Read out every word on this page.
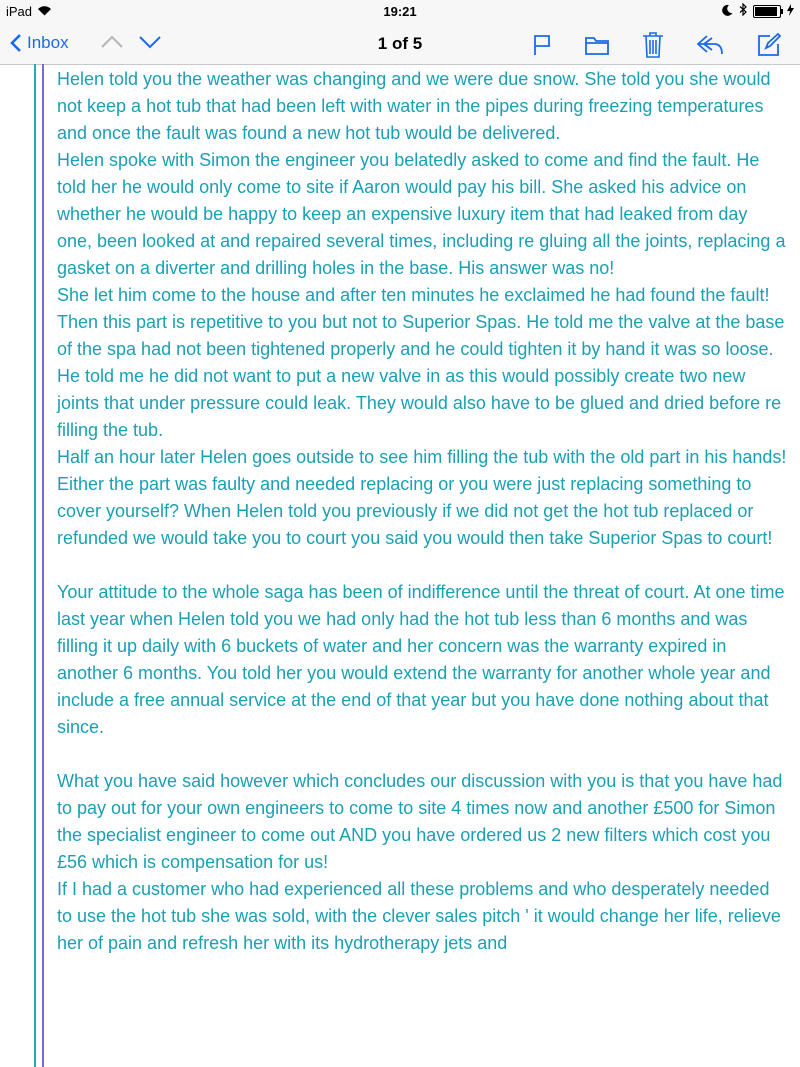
iPad	19:21
Inbox	1 of 5

Helen told you the weather was changing and we were due snow. She told you she would not keep a hot tub that had been left with water in the pipes during freezing temperatures and once the fault was found a new hot tub would be delivered.

Helen spoke with Simon the engineer you belatedly asked to come and find the fault. He told her he would only come to site if Aaron would pay his bill. She asked his advice on whether he would be happy to keep an expensive luxury item that had leaked from day one, been looked at and repaired several times, including re gluing all the joints, replacing a gasket on a diverter and drilling holes in the base. His answer was no!

She let him come to the house and after ten minutes he exclaimed he had found the fault! Then this part is repetitive to you but not to Superior Spas. He told me the valve at the base of the spa had not been tightened properly and he could tighten it by hand it was so loose. He told me he did not want to put a new valve in as this would possibly create two new joints that under pressure could leak. They would also have to be glued and dried before re filling the tub.

Half an hour later Helen goes outside to see him filling the tub with the old part in his hands!

Either the part was faulty and needed replacing or you were just replacing something to cover yourself? When Helen told you previously if we did not get the hot tub replaced or refunded we would take you to court you said you would then take Superior Spas to court!

Your attitude to the whole saga has been of indifference until the threat of court. At one time last year when Helen told you we had only had the hot tub less than 6 months and was filling it up daily with 6 buckets of water and her concern was the warranty expired in another 6 months. You told her you would extend the warranty for another whole year and include a free annual service at the end of that year but you have done nothing about that since.

What you have said however which concludes our discussion with you is that you have had to pay out for your own engineers to come to site 4 times now and another £500 for Simon the specialist engineer to come out AND you have ordered us 2 new filters which cost you £56 which is compensation for us!

If I had a customer who had experienced all these problems and who desperately needed to use the hot tub she was sold, with the clever sales pitch ' it would change her life, relieve her of pain and refresh her with its hydrotherapy jets and
